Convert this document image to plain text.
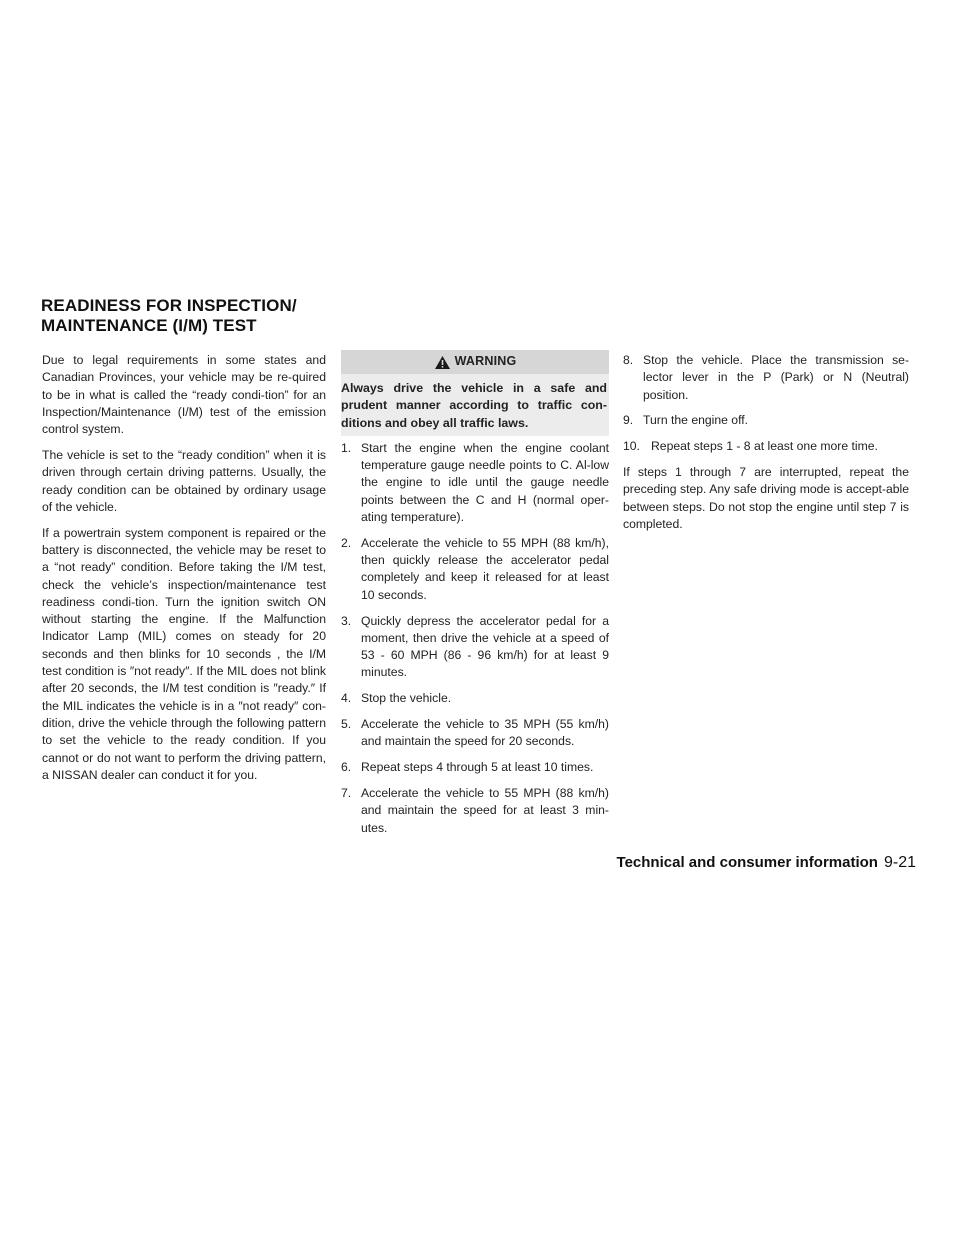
READINESS FOR INSPECTION/
MAINTENANCE (I/M) TEST

Due to legal requirements in some states and Canadian Provinces, your vehicle may be re-quired to be in what is called the “ready condi-tion” for an Inspection/Maintenance (I/M) test of the emission control system.

The vehicle is set to the “ready condition” when it is driven through certain driving patterns. Usually, the ready condition can be obtained by ordinary usage of the vehicle.

If a powertrain system component is repaired or the battery is disconnected, the vehicle may be reset to a “not ready” condition. Before taking the I/M test, check the vehicle’s inspection/maintenance test readiness condi-tion. Turn the ignition switch ON without starting the engine. If the Malfunction Indicator Lamp (MIL) comes on steady for 20 seconds and then blinks for 10 seconds , the I/M test condition is ″not ready″. If the MIL does not blink after 20 seconds, the I/M test condition is ″ready.″ If the MIL indicates the vehicle is in a ″not ready″ con-dition, drive the vehicle through the following pattern to set the vehicle to the ready condition. If you cannot or do not want to perform the driving pattern, a NISSAN dealer can conduct it for you.

WARNING
Always drive the vehicle in a safe and prudent manner according to traffic con-ditions and obey all traffic laws.
1. Start the engine when the engine coolant temperature gauge needle points to C. Al-low the engine to idle until the gauge needle points between the C and H (normal oper-ating temperature).
2. Accelerate the vehicle to 55 MPH (88 km/h), then quickly release the accelerator pedal completely and keep it released for at least 10 seconds.
3. Quickly depress the accelerator pedal for a moment, then drive the vehicle at a speed of 53 - 60 MPH (86 - 96 km/h) for at least 9 minutes.
4. Stop the vehicle.
5. Accelerate the vehicle to 35 MPH (55 km/h) and maintain the speed for 20 seconds.
6. Repeat steps 4 through 5 at least 10 times.
7. Accelerate the vehicle to 55 MPH (88 km/h) and maintain the speed for at least 3 min-utes.
8. Stop the vehicle. Place the transmission se-lector lever in the P (Park) or N (Neutral) position.
9. Turn the engine off.
10. Repeat steps 1 - 8 at least one more time.

If steps 1 through 7 are interrupted, repeat the preceding step. Any safe driving mode is accept-able between steps. Do not stop the engine until step 7 is completed.

Technical and consumer information 9-21
